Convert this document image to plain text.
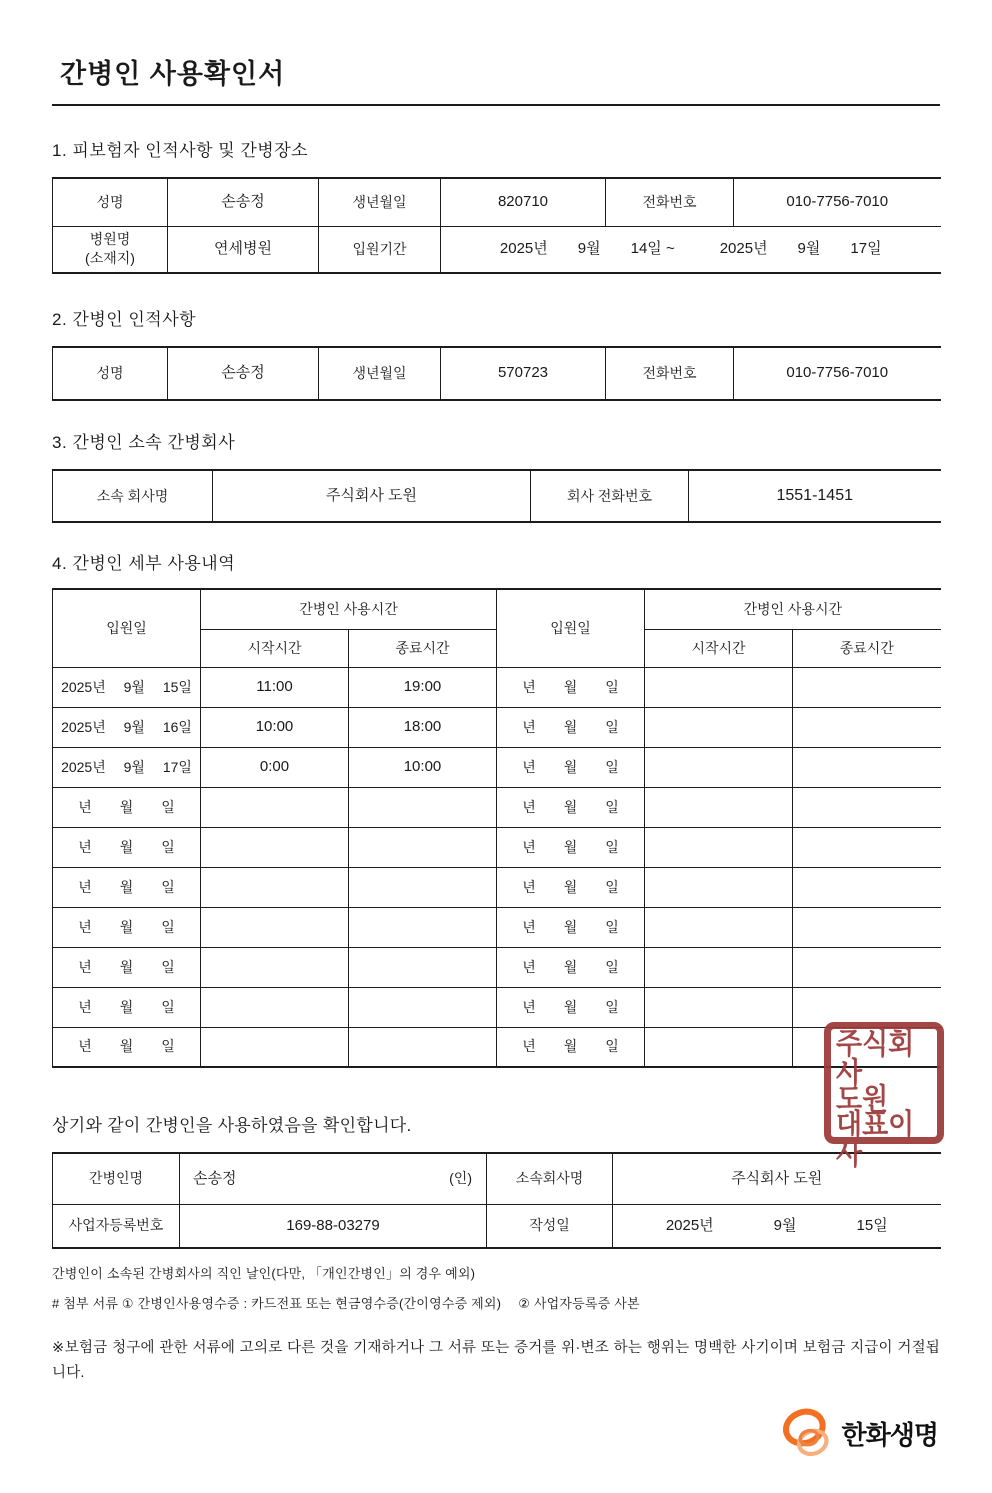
간병인 사용확인서
1. 피보험자 인적사항 및 간병장소
성명	손송정	생년월일	820710	전화번호	010-7756-7010

병원명
(소재지)	연세병원	입원기간	2025년  9월  14일 ~   2025년  9월  17일		
2. 간병인 인적사항
성명	손송정	생년월일	570723	전화번호	010-7756-7010
3. 간병인 소속 간병회사
소속 회사명	주식회사 도원	회사 전화번호	1551-1451
4. 간병인 세부 사용내역
입원일	간병인 사용시간		입원일	간병인 사용시간	
	시작시간	종료시간		시작시간	종료시간
2025년  9월  15일	11:00	19:00	년  월  일		
2025년  9월  16일	10:00	18:00	년  월  일		
2025년  9월  17일	0:00	10:00	년  월  일		
년  월  일			년  월  일		
년  월  일			년  월  일		
년  월  일			년  월  일		
년  월  일			년  월  일		
년  월  일			년  월  일		
년  월  일			년  월  일		
년  월  일			년  월  일		
상기와 같이 간병인을 사용하였음을 확인합니다.
간병인명	손송정 (인)	소속회사명	주식회사 도원
사업자등록번호	169-88-03279	작성일	2025년    9월    15일
간병인이 소속된 간병회사의 직인 날인(다만, 「개인간병인」의 경우 예외)
# 첨부 서류 ① 간병인사용영수증 : 카드전표 또는 현금영수증(간이영수증 제외)  ② 사업자등록증 사본
※보험금 청구에 관한 서류에 고의로 다른 것을 기재하거나 그 서류 또는 증거를 위·변조 하는 행위는 명백한 사기이며 보험금 지급이 거절됩니다.
한화생명
주식회사
도원
대표이사
